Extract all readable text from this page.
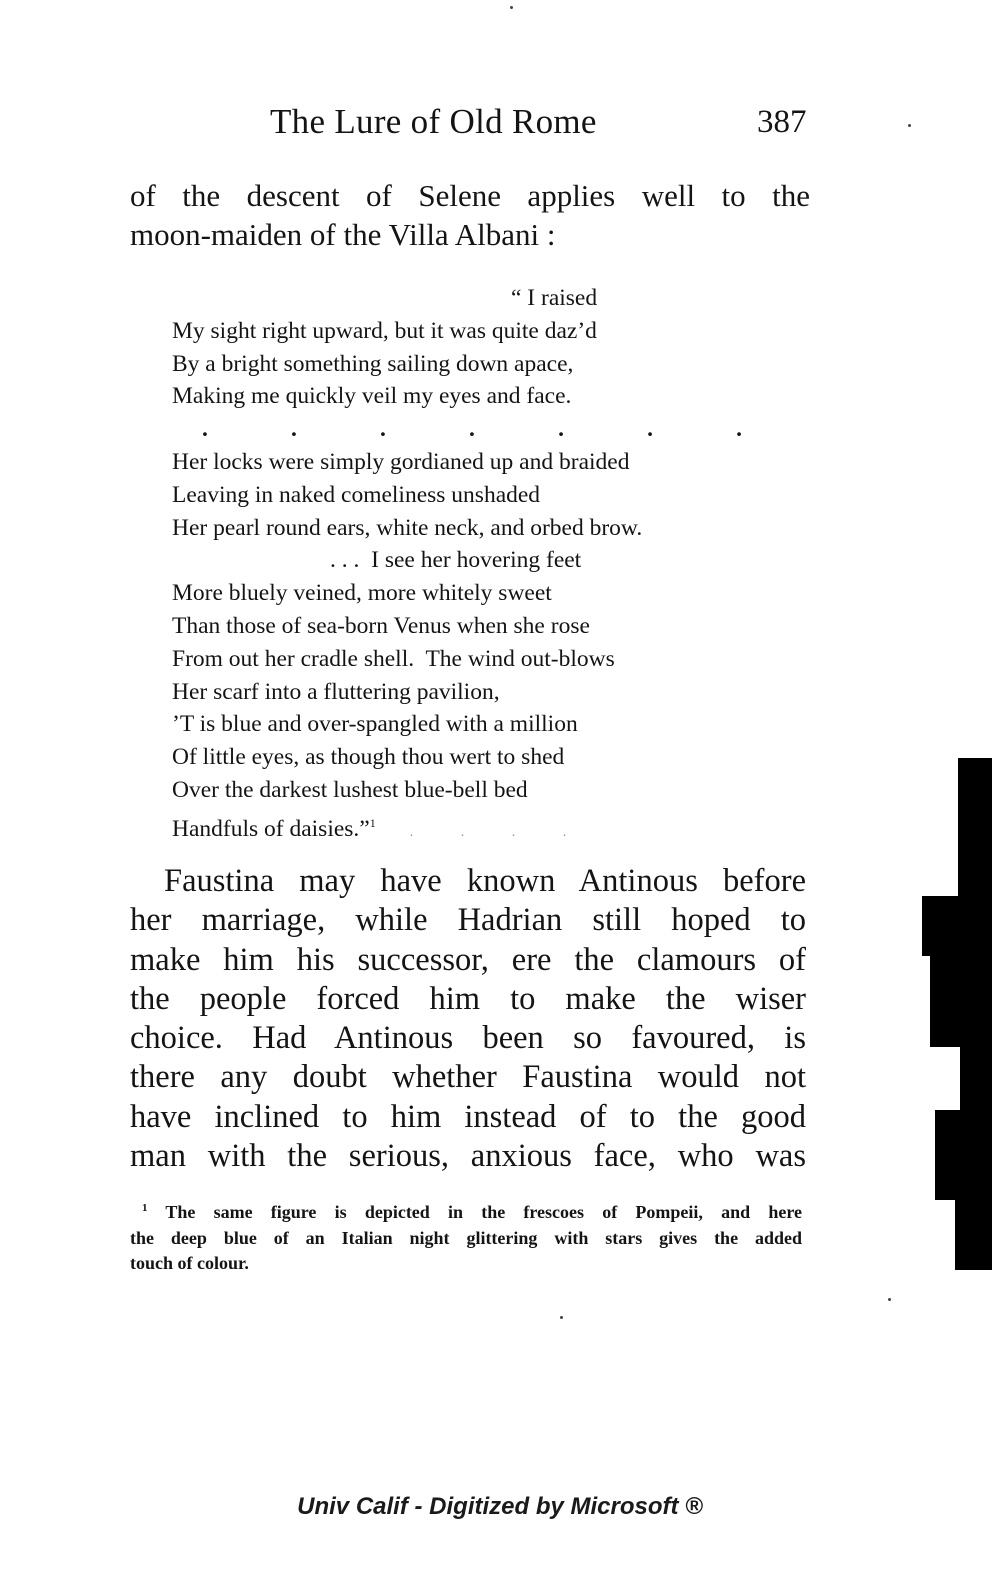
The Lure of Old Rome	387
of the descent of Selene applies well to the
moon-maiden of the Villa Albani :
“ I raised
My sight right upward, but it was quite daz’d
By a bright something sailing down apace,
Making me quickly veil my eyes and face.
.	.	.	.	.	.	.
Her locks were simply gordianed up and braided
Leaving in naked comeliness unshaded
Her pearl round ears, white neck, and orbed brow.
. . .  I see her hovering feet
More bluely veined, more whitely sweet
Than those of sea-born Venus when she rose
From out her cradle shell.  The wind out-blows
Her scarf into a fluttering pavilion,
’T is blue and over-spangled with a million
Of little eyes, as though thou wert to shed
Over the darkest lushest blue-bell bed
Handfuls of daisies.”$^1$. . . .
Faustina may have known Antinous before
her marriage, while Hadrian still hoped to
make him his successor, ere the clamours of
the people forced him to make the wiser
choice. Had Antinous been so favoured, is
there any doubt whether Faustina would not
have inclined to him instead of to the good
man with the serious, anxious face, who was
$^1$ The same figure is depicted in the frescoes of Pompeii, and here
the deep blue of an Italian night glittering with stars gives the added
touch of colour.
Univ Calif - Digitized by Microsoft ®
